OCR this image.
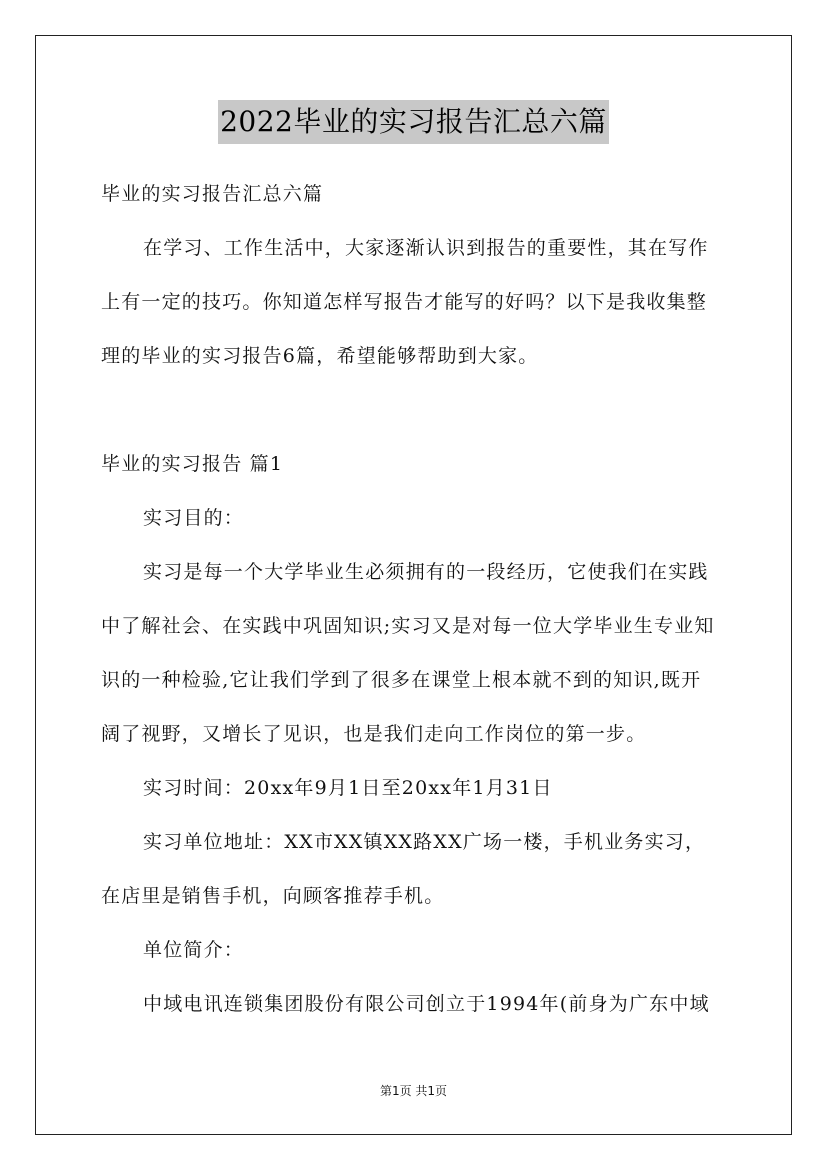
2022毕业的实习报告汇总六篇
毕业的实习报告汇总六篇
在学习、工作生活中，大家逐渐认识到报告的重要性，其在写作
上有一定的技巧。你知道怎样写报告才能写的好吗？以下是我收集整
理的毕业的实习报告6篇，希望能够帮助到大家。
毕业的实习报告 篇1
实习目的：
实习是每一个大学毕业生必须拥有的一段经历，它使我们在实践
中了解社会、在实践中巩固知识;实习又是对每一位大学毕业生专业知
识的一种检验,它让我们学到了很多在课堂上根本就不到的知识,既开
阔了视野，又增长了见识，也是我们走向工作岗位的第一步。
实习时间：20xx年9月1日至20xx年1月31日
实习单位地址：XX市XX镇XX路XX广场一楼，手机业务实习，
在店里是销售手机，向顾客推荐手机。
单位简介：
中域电讯连锁集团股份有限公司创立于1994年(前身为广东中域
第1页 共1页
